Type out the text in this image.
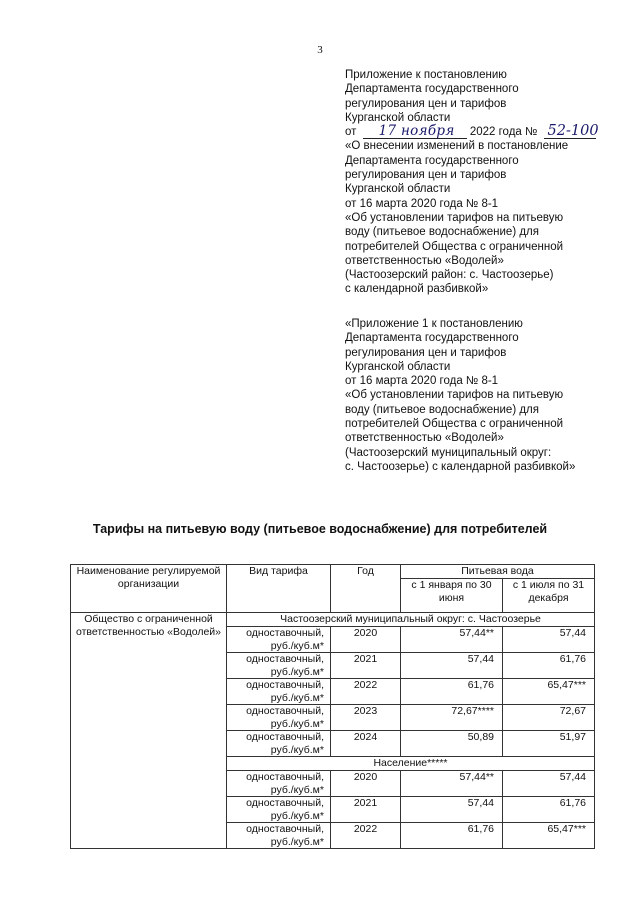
3
Приложение к постановлению
Департамента государственного
регулирования цен и тарифов
Курганской области
от 17 ноября 2022 года № 52-100
«О внесении изменений в постановление
Департамента государственного
регулирования цен и тарифов
Курганской области
от 16 марта 2020 года № 8-1
«Об установлении тарифов на питьевую
воду (питьевое водоснабжение) для
потребителей Общества с ограниченной
ответственностью «Водолей»
(Частоозерский район: с. Частоозерье)
с календарной разбивкой»
«Приложение 1 к постановлению
Департамента государственного
регулирования цен и тарифов
Курганской области
от 16 марта 2020 года № 8-1
«Об установлении тарифов на питьевую
воду (питьевое водоснабжение) для
потребителей Общества с ограниченной
ответственностью «Водолей»
(Частоозерский муниципальный округ:
с. Частоозерье) с календарной разбивкой»
Тарифы на питьевую воду (питьевое водоснабжение) для потребителей
Наименование регулируемой организации	Вид тарифа	Год	Питьевая вода	
			с 1 января по 30 июня	с 1 июля по 31 декабря
Общество с ограниченной ответственностью «Водолей»	Частоозерский муниципальный округ: с. Частоозерье			
	одноставочный, руб./куб.м*	2020	57,44**	57,44
	одноставочный, руб./куб.м*	2021	57,44	61,76
	одноставочный, руб./куб.м*	2022	61,76	65,47***
	одноставочный, руб./куб.м*	2023	72,67****	72,67
	одноставочный, руб./куб.м*	2024	50,89	51,97
	Население*****			
	одноставочный, руб./куб.м*	2020	57,44**	57,44
	одноставочный, руб./куб.м*	2021	57,44	61,76
	одноставочный, руб./куб.м*	2022	61,76	65,47***
